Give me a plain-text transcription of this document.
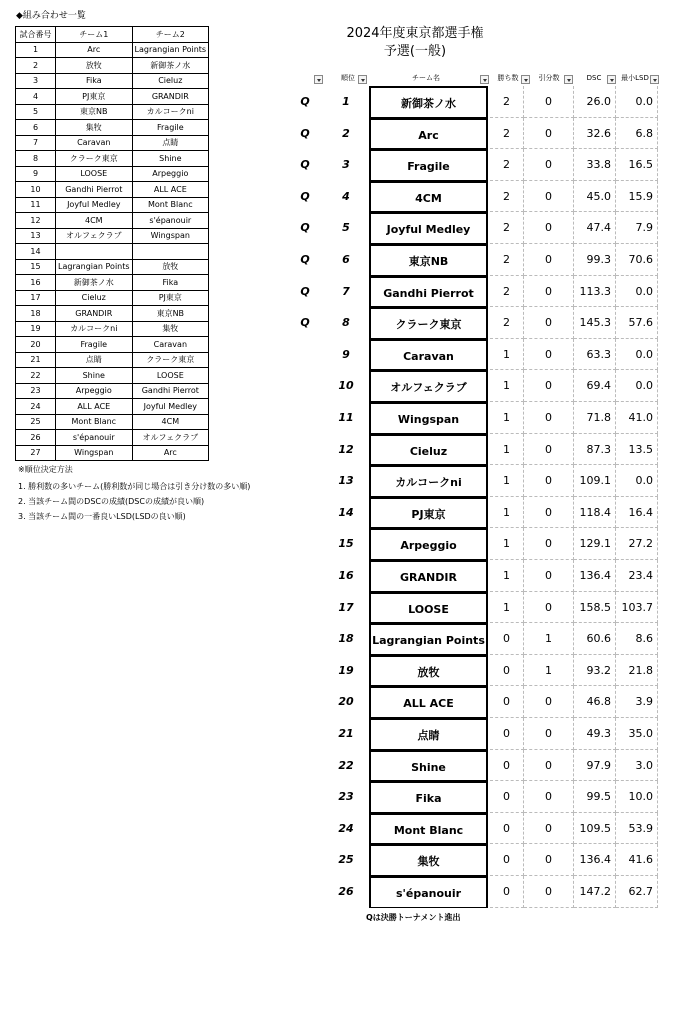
◆組み合わせ一覧
試合番号	チーム1	チーム2
1	Arc	Lagrangian Points
2	放牧	新御茶ノ水
3	Fika	Cieluz
4	PJ東京	GRANDIR
5	東京NB	カルコークni
6	集牧	Fragile
7	Caravan	点睛
8	クラーク東京	Shine
9	LOOSE	Arpeggio
10	Gandhi Pierrot	ALL ACE
11	Joyful Medley	Mont Blanc
12	4CM	s'épanouir
13	オルフェクラブ	Wingspan
14		
15	Lagrangian Points	放牧
16	新御茶ノ水	Fika
17	Cieluz	PJ東京
18	GRANDIR	東京NB
19	カルコークni	集牧
20	Fragile	Caravan
21	点睛	クラーク東京
22	Shine	LOOSE
23	Arpeggio	Gandhi Pierrot
24	ALL ACE	Joyful Medley
25	Mont Blanc	4CM
26	s'épanouir	オルフェクラブ
27	Wingspan	Arc
※順位決定方法
1. 勝利数の多いチーム(勝利数が同じ場合は引き分け数の多い順)
2. 当該チーム間のDSCの成績(DSCの成績が良い順)
3. 当該チーム間の一番良いLSD(LSDの良い順)
2024年度東京都選手権
予選(一般)
順位	チーム名	勝ち数	引分数	DSC	最小LSD
Q	1	新御茶ノ水	2	0	26.0	0.0
Q	2	Arc	2	0	32.6	6.8
Q	3	Fragile	2	0	33.8	16.5
Q	4	4CM	2	0	45.0	15.9
Q	5	Joyful Medley	2	0	47.4	7.9
Q	6	東京NB	2	0	99.3	70.6
Q	7	Gandhi Pierrot	2	0	113.3	0.0
Q	8	クラーク東京	2	0	145.3	57.6
9	Caravan	1	0	63.3	0.0
10	オルフェクラブ	1	0	69.4	0.0
11	Wingspan	1	0	71.8	41.0
12	Cieluz	1	0	87.3	13.5
13	カルコークni	1	0	109.1	0.0
14	PJ東京	1	0	118.4	16.4
15	Arpeggio	1	0	129.1	27.2
16	GRANDIR	1	0	136.4	23.4
17	LOOSE	1	0	158.5 103.7
18	Lagrangian Points	0	1	60.6	8.6
19	放牧	0	1	93.2	21.8
20	ALL ACE	0	0	46.8	3.9
21	点睛	0	0	49.3	35.0
22	Shine	0	0	97.9	3.0
23	Fika	0	0	99.5	10.0
24	Mont Blanc	0	0	109.5	53.9
25	集牧	0	0	136.4	41.6
26	s'épanouir	0	0	147.2	62.7
Qは決勝トーナメント進出
